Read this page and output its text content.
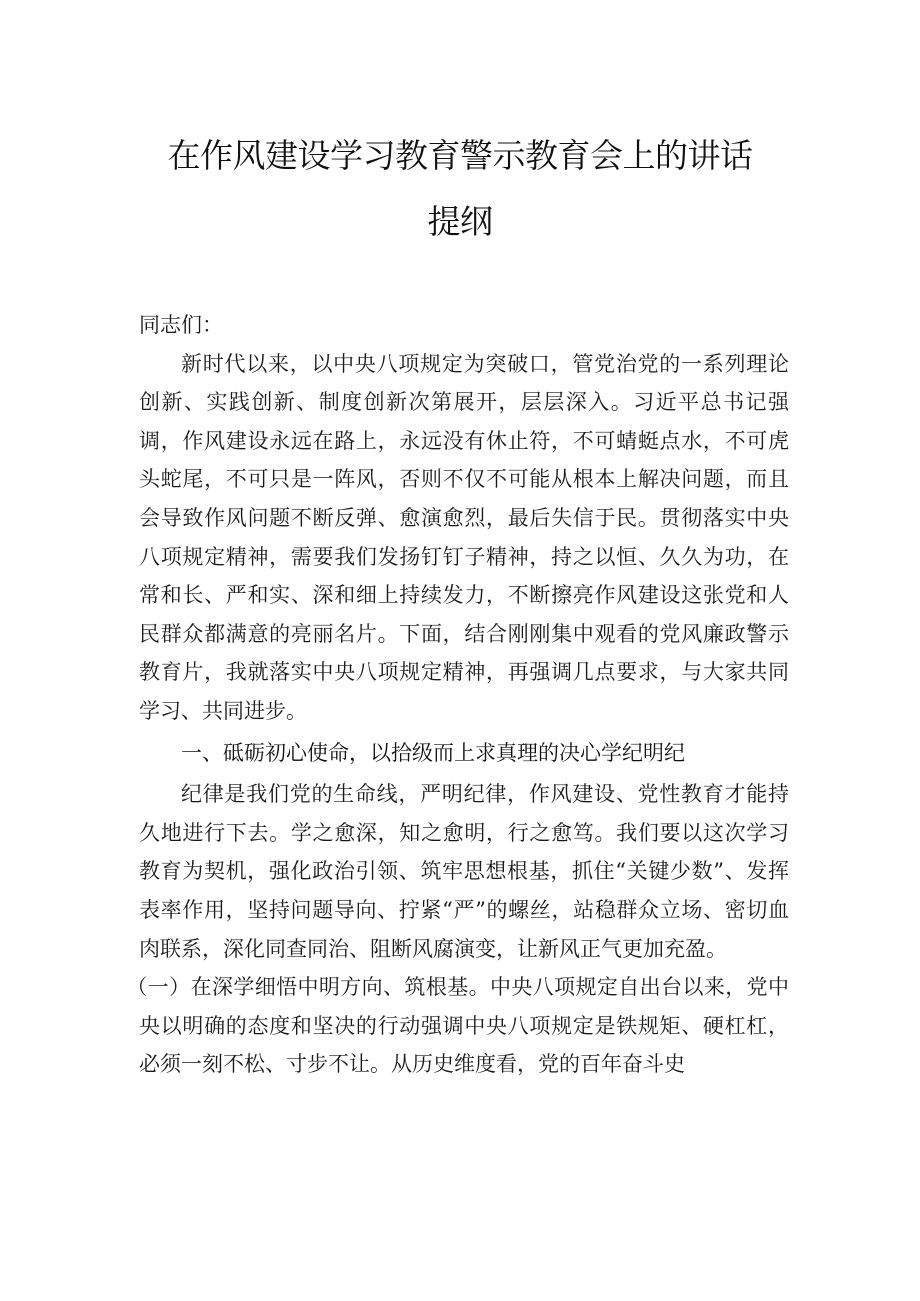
在作风建设学习教育警示教育会上的讲话
提纲

同志们：

新时代以来，以中央八项规定为突破口，管党治党的一系列理论创新、实践创新、制度创新次第展开，层层深入。习近平总书记强调，作风建设永远在路上，永远没有休止符，不可蜻蜓点水，不可虎头蛇尾，不可只是一阵风，否则不仅不可能从根本上解决问题，而且会导致作风问题不断反弹、愈演愈烈，最后失信于民。贯彻落实中央八项规定精神，需要我们发扬钉钉子精神，持之以恒、久久为功，在常和长、严和实、深和细上持续发力，不断擦亮作风建设这张党和人民群众都满意的亮丽名片。下面，结合刚刚集中观看的党风廉政警示教育片，我就落实中央八项规定精神，再强调几点要求，与大家共同学习、共同进步。

一、砥砺初心使命，以拾级而上求真理的决心学纪明纪

纪律是我们党的生命线，严明纪律，作风建设、党性教育才能持久地进行下去。学之愈深，知之愈明，行之愈笃。我们要以这次学习教育为契机，强化政治引领、筑牢思想根基，抓住“关键少数”、发挥表率作用，坚持问题导向、拧紧“严”的螺丝，站稳群众立场、密切血肉联系，深化同查同治、阻断风腐演变，让新风正气更加充盈。

（一）在深学细悟中明方向、筑根基。中央八项规定自出台以来，党中央以明确的态度和坚决的行动强调中央八项规定是铁规矩、硬杠杠，必须一刻不松、寸步不让。从历史维度看，党的百年奋斗史
